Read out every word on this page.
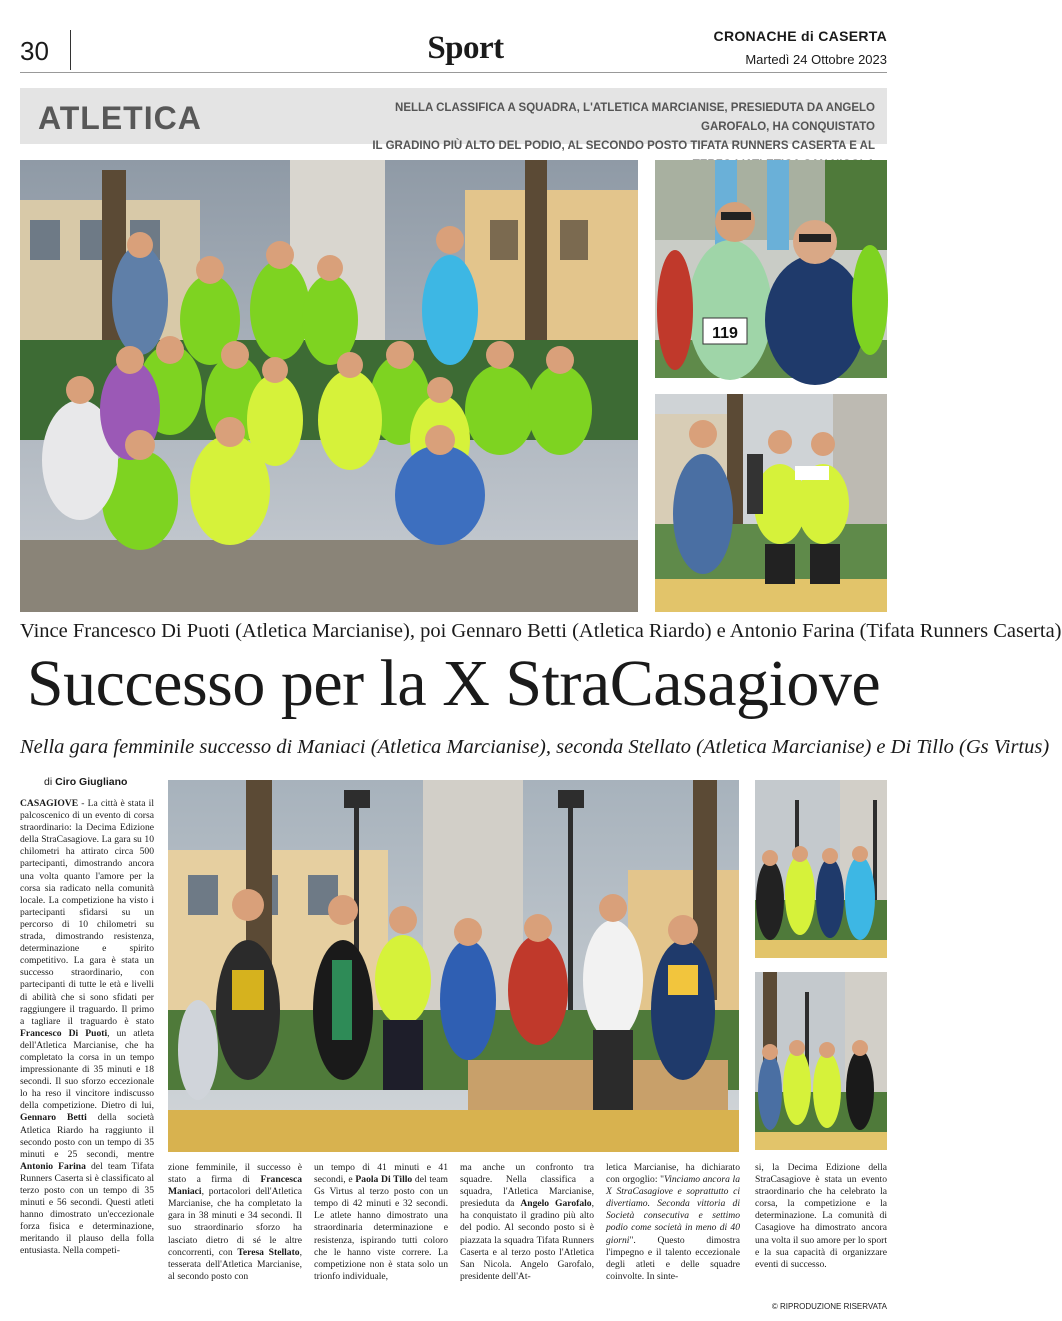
30	Sport	CRONACHE di CASERTA
Martedì 24 Ottobre 2023
ATLETICA	NELLA CLASSIFICA A SQUADRA, L'ATLETICA MARCIANISE, PRESIEDUTA DA ANGELO GAROFALO, HA CONQUISTATO
IL GRADINO PIÙ ALTO DEL PODIO, AL SECONDO POSTO TIFATA RUNNERS CASERTA E AL
119
Vince Francesco Di Puoti (Atletica Marcianise), poi Gennaro Betti (Atletica Riardo) e Antonio Farina (Tifata Runners Caserta)
Successo per la X StraCasagiove
Nella gara femminile successo di Maniaci (Atletica Marcianise), seconda Stellato (Atletica Marcianise) e Di Tillo (Gs Virtus)
di Ciro Giugliano
CASAGIOVE - La città è stata il palcoscenico di un evento di corsa straordinario: la Decima Edizione della StraCasagiove. La gara su 10 chilometri ha attirato circa 500 partecipanti, dimostrando ancora una volta quanto l'amore per la corsa sia radicato nella comunità locale. La competizione ha visto i partecipanti sfidarsi su un percorso di 10 chilometri su strada, dimostrando resistenza, determinazione e spirito competitivo. La gara è stata un successo straordinario, con partecipanti di tutte le età e livelli di abilità che si sono sfidati per raggiungere il traguardo. Il primo a tagliare il traguardo è stato Francesco Di Puoti, un atleta dell'Atletica Marcianise, che ha completato la corsa in un tempo impressionante di 35 minuti e 18 secondi. Il suo sforzo eccezionale lo ha reso il vincitore indiscusso della competizione. Dietro di lui, Gennaro Betti della società Atletica Riardo ha raggiunto il secondo posto con un tempo di 35 minuti e 25 secondi, mentre Antonio Farina del team Tifata Runners Caserta si è classificato al terzo posto con un tempo di 35 minuti e 56 secondi. Questi atleti hanno dimostrato un'eccezionale forza fisica e determinazione, meritando il plauso della folla entusiasta. Nella competi-
zione femminile, il successo è stato a firma di Francesca Maniaci, portacolori dell'Atletica Marcianise, che ha completato la gara in 38 minuti e 34 secondi. Il suo straordinario sforzo ha lasciato dietro di sé le altre concorrenti, con Teresa Stellato, tesserata dell'Atletica Marcianise, al secondo posto con
un tempo di 41 minuti e 41 secondi, e Paola Di Tillo del team Gs Virtus al terzo posto con un tempo di 42 minuti e 32 secondi. Le atlete hanno dimostrato una straordinaria determinazione e resistenza, ispirando tutti coloro che le hanno viste correre. La competizione non è stata solo un trionfo individuale,
ma anche un confronto tra squadre. Nella classifica a squadra, l'Atletica Marcianise, presieduta da Angelo Garofalo, ha conquistato il gradino più alto del podio. Al secondo posto si è piazzata la squadra Tifata Runners Caserta e al terzo posto l'Atletica San Nicola. Angelo Garofalo, presidente dell'At-
letica Marcianise, ha dichiarato con orgoglio: "Vinciamo ancora la X StraCasagiove e soprattutto ci divertiamo. Seconda vittoria di Società consecutiva e settimo podio come società in meno di 40 giorni". Questo dimostra l'impegno e il talento eccezionale degli atleti e delle squadre coinvolte. In sinte-
si, la Decima Edizione della StraCasagiove è stata un evento straordinario che ha celebrato la corsa, la competizione e la determinazione. La comunità di Casagiove ha dimostrato ancora una volta il suo amore per lo sport e la sua capacità di organizzare eventi di successo.
© RIPRODUZIONE RISERVATA
